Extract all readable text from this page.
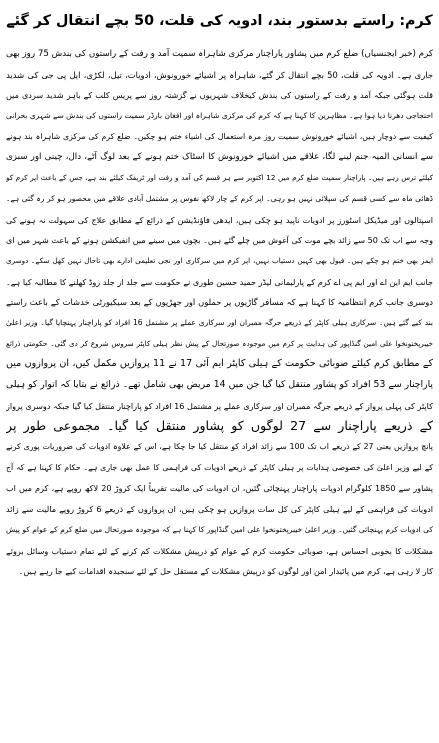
کرم: راستے بدستور بند، ادویہ کی قلت، 50 بچے انتقال کر گئے
کرم (خبر ایجنسیاں) ضلع کرم میں پشاور پاراچنار مرکزی شاہراہ سمیت آمد و رفت کے راستوں کی بندش 75 روز بھی
جاری ہے۔ ادویہ کی قلت، 50 بچے انتقال کر گئے، شاہراہ پر اشیائے خورونوش، ادویات، تیل، لکڑی، ایل پی جی کی شدید
قلت ہوگئی جبکہ آمد و رفت کے راستوں کی بندش کیخلاف شہریوں نے گزشتہ روز سے پریس کلب کے باہر شدید سردی میں
احتجاجی دھرنا دیا ہوا ہے۔ مظاہرین کا کہنا ہے کہ کرم کی مرکزی شاہراہ اور افغان بارڈر سمیت راستوں کی بندش سے شہری بحرانی
کیفیت سے دوچار ہیں، اشیائے خورونوش سمیت روز مرہ استعمال کی اشیاء ختم ہو چکیں۔ ضلع کرم کی مرکزی شاہراہ بند ہونے
سے انسانی المیہ جنم لینے لگا، علاقے میں اشیائے خورونوش کا اسٹاک ختم ہونے کے بعد لوگ آٹے، دال، چینی اور سبزی
کیلئے ترس رہے ہیں۔ پاراچنار سمیت ضلع کرم میں 12 اکتوبر سے ہر قسم کی آمد و رفت اور ٹریفک کیلئے بند ہے، جس کے باعث اپر کرم کو
ڈھائی ماہ سے کسی قسم کی سپلائی نہیں ہو رہی۔ اپر کرم کے چار لاکھ نفوس پر مشتمل آبادی علاقے میں محصور ہو کر رہ گئی ہے۔
اسپتالوں اور میڈیکل اسٹورز پر ادویات ناپید ہو چکی ہیں، ایدھی فاؤنڈیشن کے ذرائع کے مطابق علاج کی سہولت نہ ہونے کی
وجہ سے اب تک 50 سے زائد بچے موت کی آغوش میں چلے گئے ہیں۔ بچوں میں سینے میں انفیکشن ہونے کے باعث شہر میں ای
ایمز بھی ختم ہو چکے ہیں۔ فیول بھی کہیں دستیاب نہیں، اپر کرم میں سرکاری اور نجی تعلیمی ادارے بھی تاحال نہیں کھل سکے۔ دوسری
جانب ایم این اے اور ایم پی اے کرم کے پارلیمانی لیڈر حمید حسین طوری نے حکومت سے جلد از جلد روڈ کھلنے کا مطالبہ کیا ہے۔
دوسری جانب کرم انتظامیہ کا کہنا ہے کہ مسافر گاڑیوں پر حملوں اور جھڑپوں کے بعد سیکیورٹی خدشات کے باعث راستے
بند کیے گئے ہیں۔ سرکاری ہیلی کاپٹر کے ذریعے جرگہ ممبران اور سرکاری عملے پر مشتمل 16 افراد کو پاراچنار پہنچایا گیا۔ وزیر اعلیٰ
خیبرپختونخوا علی امین گنڈاپور کی ہدایت پر کرم میں موجودہ صورتحال کے پیش نظر ہیلی کاپٹر سروس شروع کر دی گئی۔ حکومتی ذرائع
کے مطابق کرم کیلئے صوبائی حکومت کے ہیلی کاپٹر ایم آئی 17 نے 11 پروازیں مکمل کیں، ان پروازوں میں
پاراچنار سے 53 افراد کو پشاور منتقل کیا گیا جن میں 14 مریض بھی شامل تھے۔ ذرائع نے بتایا کہ اتوار کو ہیلی
کاپٹر کی پہلی پرواز کے ذریعے جرگہ ممبران اور سرکاری عملے پر مشتمل 16 افراد کو پاراچنار منتقل کیا گیا جبکہ دوسری پرواز
کے ذریعے پاراچنار سے 27 لوگوں کو پشاور منتقل کیا گیا۔ مجموعی طور پر
پانچ پروازیں یعنی 27 کے ذریعے اب تک 100 سے زائد افراد کو منتقل کیا جا چکا ہے، اس کے علاوہ ادویات کی ضروریات پوری کرنے
کے لیے وزیر اعلیٰ کی خصوصی ہدایات پر ہیلی کاپٹر کے ذریعے ادویات کی فراہمی کا عمل بھی جاری ہے۔ حکام کا کہنا ہے کہ آج
پشاور سے 1850 کلوگرام ادویات پاراچنار پہنچائی گئیں، ان ادویات کی مالیت تقریباً ایک کروڑ 20 لاکھ روپے ہے، کرم میں اب
ادویات کی فراہمی کے لیے ہیلی کاپٹر کی کل سات پروازیں ہو چکی ہیں، ان پروازوں کے ذریعے 6 کروڑ روپے مالیت سے زائد
کی ادویات کرم پہنچائی گئیں۔ وزیر اعلیٰ خیبرپختونخوا علی امین گنڈاپور کا کہنا ہے کہ موجودہ صورتحال میں ضلع کرم کے عوام کو پیش
مشکلات کا بخوبی احساس ہے، صوبائی حکومت کرم کے عوام کو درپیش مشکلات کم کرنے کے لئے تمام دستیاب وسائل بروئے
کار لا رہی ہے، کرم میں پائیدار امن اور لوگوں کو درپیش مشکلات کے مستقل حل کے لئے سنجیدہ اقدامات کیے جا رہے ہیں۔
